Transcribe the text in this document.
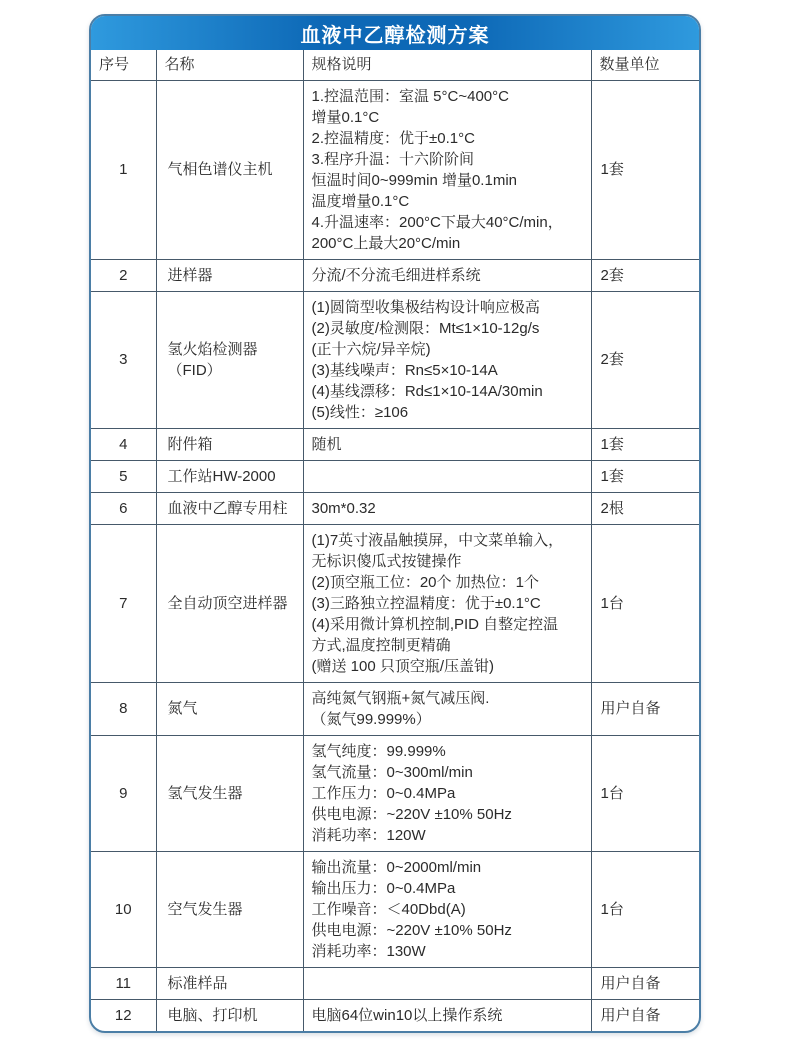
血液中乙醇检测方案
序号	名称	规格说明	数量单位
1	气相色谱仪主机	
1.控温范围：室温 5°C~400°C
增量0.1°C
2.控温精度：优于±0.1°C
3.程序升温：十六阶阶间
恒温时间0~999min 增量0.1min
温度增量0.1°C
4.升温速率：200°C下最大40°C/min，
200°C上最大20°C/min
	1套
2	进样器	分流/不分流毛细进样系统	2套
3	氢火焰检测器（FID）	
(1)圆筒型收集极结构设计响应极高
(2)灵敏度/检测限：Mt≤1×10-12g/s
(正十六烷/异辛烷)
(3)基线噪声：Rn≤5×10-14A
(4)基线漂移：Rd≤1×10-14A/30min
(5)线性：≥106
	2套
4	附件箱	随机	1套
5	工作站HW-2000		1套
6	血液中乙醇专用柱	30m*0.32	2根
7	全自动顶空进样器	
(1)7英寸液晶触摸屏，中文菜单输入，
无标识傻瓜式按键操作
(2)顶空瓶工位：20个 加热位：1个
(3)三路独立控温精度：优于±0.1°C
(4)采用微计算机控制,PID 自整定控温
方式,温度控制更精确
(赠送 100 只顶空瓶/压盖钳)
	1台
8	氮气	高纯氮气钢瓶+氮气减压阀.
（氮气99.999%）	用户自备
9	氢气发生器	氢气纯度：99.999%
氢气流量：0~300ml/min
工作压力：0~0.4MPa
供电电源：~220V ±10% 50Hz
消耗功率：120W	1台
10	空气发生器	输出流量：0~2000ml/min
输出压力：0~0.4MPa
工作噪音：＜40Dbd(A)
供电电源：~220V ±10% 50Hz
消耗功率：130W	1台
11	标准样品		用户自备
12	电脑、打印机	电脑64位win10以上操作系统	用户自备
